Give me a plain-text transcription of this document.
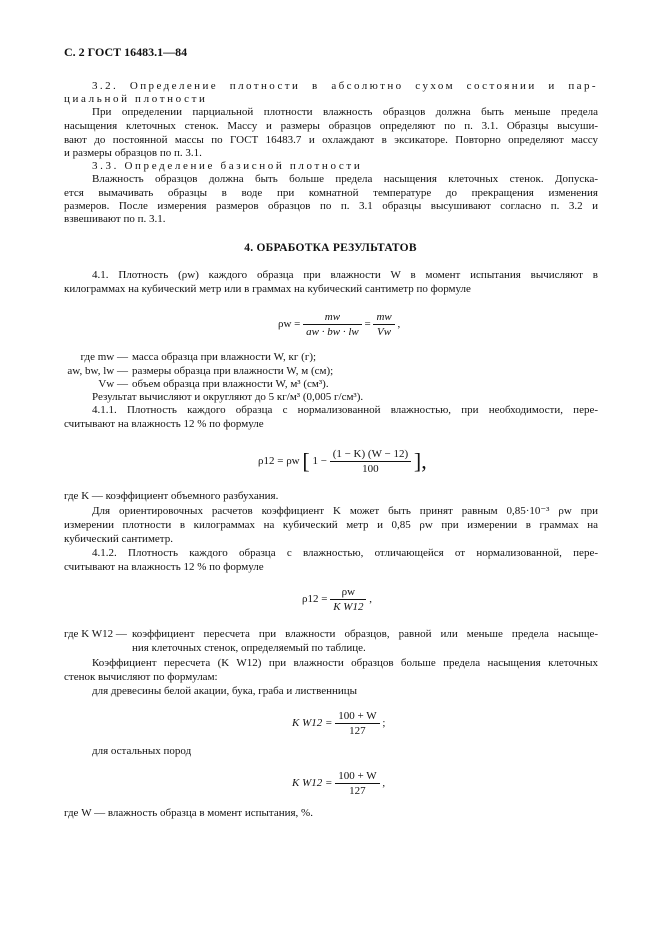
С. 2 ГОСТ 16483.1—84
3.2. Определение плотности в абсолютно сухом состоянии и пар-
циальной плотности
При определении парциальной плотности влажность образцов должна быть меньше предела
насыщения клеточных стенок. Массу и размеры образцов определяют по п. 3.1. Образцы высуши-
вают до постоянной массы по ГОСТ 16483.7 и охлаждают в эксикаторе. Повторно определяют массу
и размеры образцов по п. 3.1.
3.3. Определение базисной плотности
Влажность образцов должна быть больше предела насыщения клеточных стенок. Допуска-
ется вымачивать образцы в воде при комнатной температуре до прекращения изменения
размеров. После измерения размеров образцов по п. 3.1 образцы высушивают согласно п. 3.2 и
взвешивают по п. 3.1.
4. ОБРАБОТКА РЕЗУЛЬТАТОВ
4.1. Плотность (ρw) каждого образца при влажности W в момент испытания вычисляют в
килограммах на кубический метр или в граммах на кубический сантиметр по формуле
$\rho w = \frac{mw}{aw \cdot bw \cdot lw} = \frac{mw}{Vw}$ ,
где mw — масса образца при влажности W, кг (г);
aw, bw, lw — размеры образца при влажности W, м (см);
Vw — объем образца при влажности W, м³ (см³).
Результат вычисляют и округляют до 5 кг/м³ (0,005 г/см³).
4.1.1. Плотность каждого образца с нормализованной влажностью, при необходимости, пере-
считывают на влажность 12 % по формуле
ρ12 = ρw [ $1 - \frac{(1 - K) (W - 12)}{100}$ ],
где K — коэффициент объемного разбухания.
Для ориентировочных расчетов коэффициент K может быть принят равным 0,85·10⁻³ ρw при
измерении плотности в килограммах на кубический метр и 0,85 ρw при измерении в граммах на
кубический сантиметр.
4.1.2. Плотность каждого образца с влажностью, отличающейся от нормализованной, пере-
считывают на влажность 12 % по формуле
$\rho 12 = \frac{\rho w}{\text{K W12}}$ ,
где K W12 — коэффициент пересчета при влажности образцов, равной или меньше предела насыще-
ния клеточных стенок, определяемый по таблице.
Коэффициент пересчета (K W12) при влажности образцов больше предела насыщения клеточных
стенок вычисляют по формулам:
для древесины белой акации, бука, граба и лиственницы
K $W12 = \frac{100 + W}{127}$ ;
для остальных пород
K $W12 = \frac{100 + W}{127}$ ,
где W — влажность образца в момент испытания, %.
